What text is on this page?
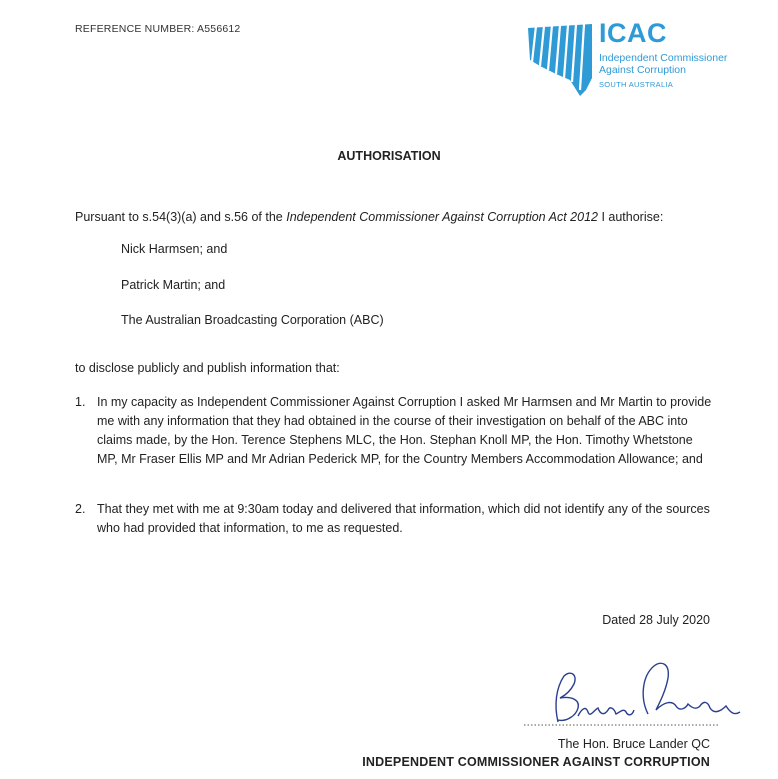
REFERENCE NUMBER: A556612	ICAC
Independent Commissioner
Against Corruption
SOUTH AUSTRALIA
AUTHORISATION
Pursuant to s.54(3)(a) and s.56 of the Independent Commissioner Against Corruption Act 2012 I authorise:
Nick Harmsen; and
Patrick Martin; and
The Australian Broadcasting Corporation (ABC)
to disclose publicly and publish information that:
1. In my capacity as Independent Commissioner Against Corruption I asked Mr Harmsen and Mr Martin to provide me with any information that they had obtained in the course of their investigation on behalf of the ABC into claims made, by the Hon. Terence Stephens MLC, the Hon. Stephan Knoll MP, the Hon. Timothy Whetstone MP, Mr Fraser Ellis MP and Mr Adrian Pederick MP, for the Country Members Accommodation Allowance; and
2. That they met with me at 9:30am today and delivered that information, which did not identify any of the sources who had provided that information, to me as requested.
Dated 28 July 2020
The Hon. Bruce Lander QC
INDEPENDENT COMMISSIONER AGAINST CORRUPTION
